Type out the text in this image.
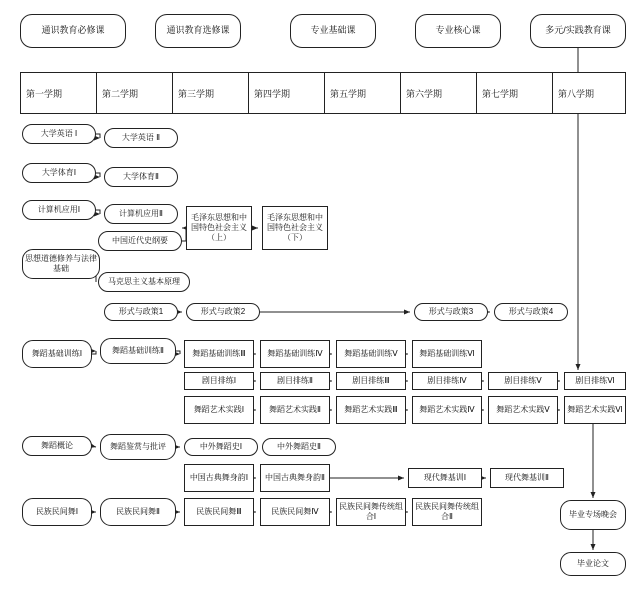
通识教育必修课	通识教育选修课	专业基础课	专业核心课	多元/实践教育课
第一学期	第二学期	第三学期	第四学期	第五学期	第六学期	第七学期	第八学期
大学英语 Ⅰ	大学英语 Ⅱ
大学体育Ⅰ	大学体育Ⅱ
计算机应用Ⅰ	计算机应用Ⅱ	毛泽东思想和中国特色社会主义（上）
毛泽东思想和中国特色社会主义（下）
中国近代史纲要
思想道德修养与法律基础
马克思主义基本原理
形式与政策1	形式与政策2	形式与政策3	形式与政策4
舞蹈基础训练Ⅰ	舞蹈基础训练Ⅱ	舞蹈基础训练Ⅲ	舞蹈基础训练Ⅳ	舞蹈基础训练Ⅴ	舞蹈基础训练Ⅵ
剧目排练Ⅰ	剧目排练Ⅱ	剧目排练Ⅲ	剧目排练Ⅳ	剧目排练Ⅴ	剧目排练Ⅵ
舞蹈艺术实践Ⅰ	舞蹈艺术实践Ⅱ	舞蹈艺术实践Ⅲ	舞蹈艺术实践Ⅳ	舞蹈艺术实践Ⅴ	舞蹈艺术实践Ⅵ
舞蹈概论	舞蹈鉴赏与批评	中外舞蹈史Ⅰ	中外舞蹈史Ⅱ
中国古典舞身韵Ⅰ	中国古典舞身韵Ⅱ	现代舞基训Ⅰ	现代舞基训Ⅱ
民族民间舞Ⅰ	民族民间舞Ⅱ	民族民间舞Ⅲ	民族民间舞Ⅳ
民族民间舞传统组合Ⅰ
民族民间舞传统组合Ⅱ	毕业专场晚会
毕业论文
